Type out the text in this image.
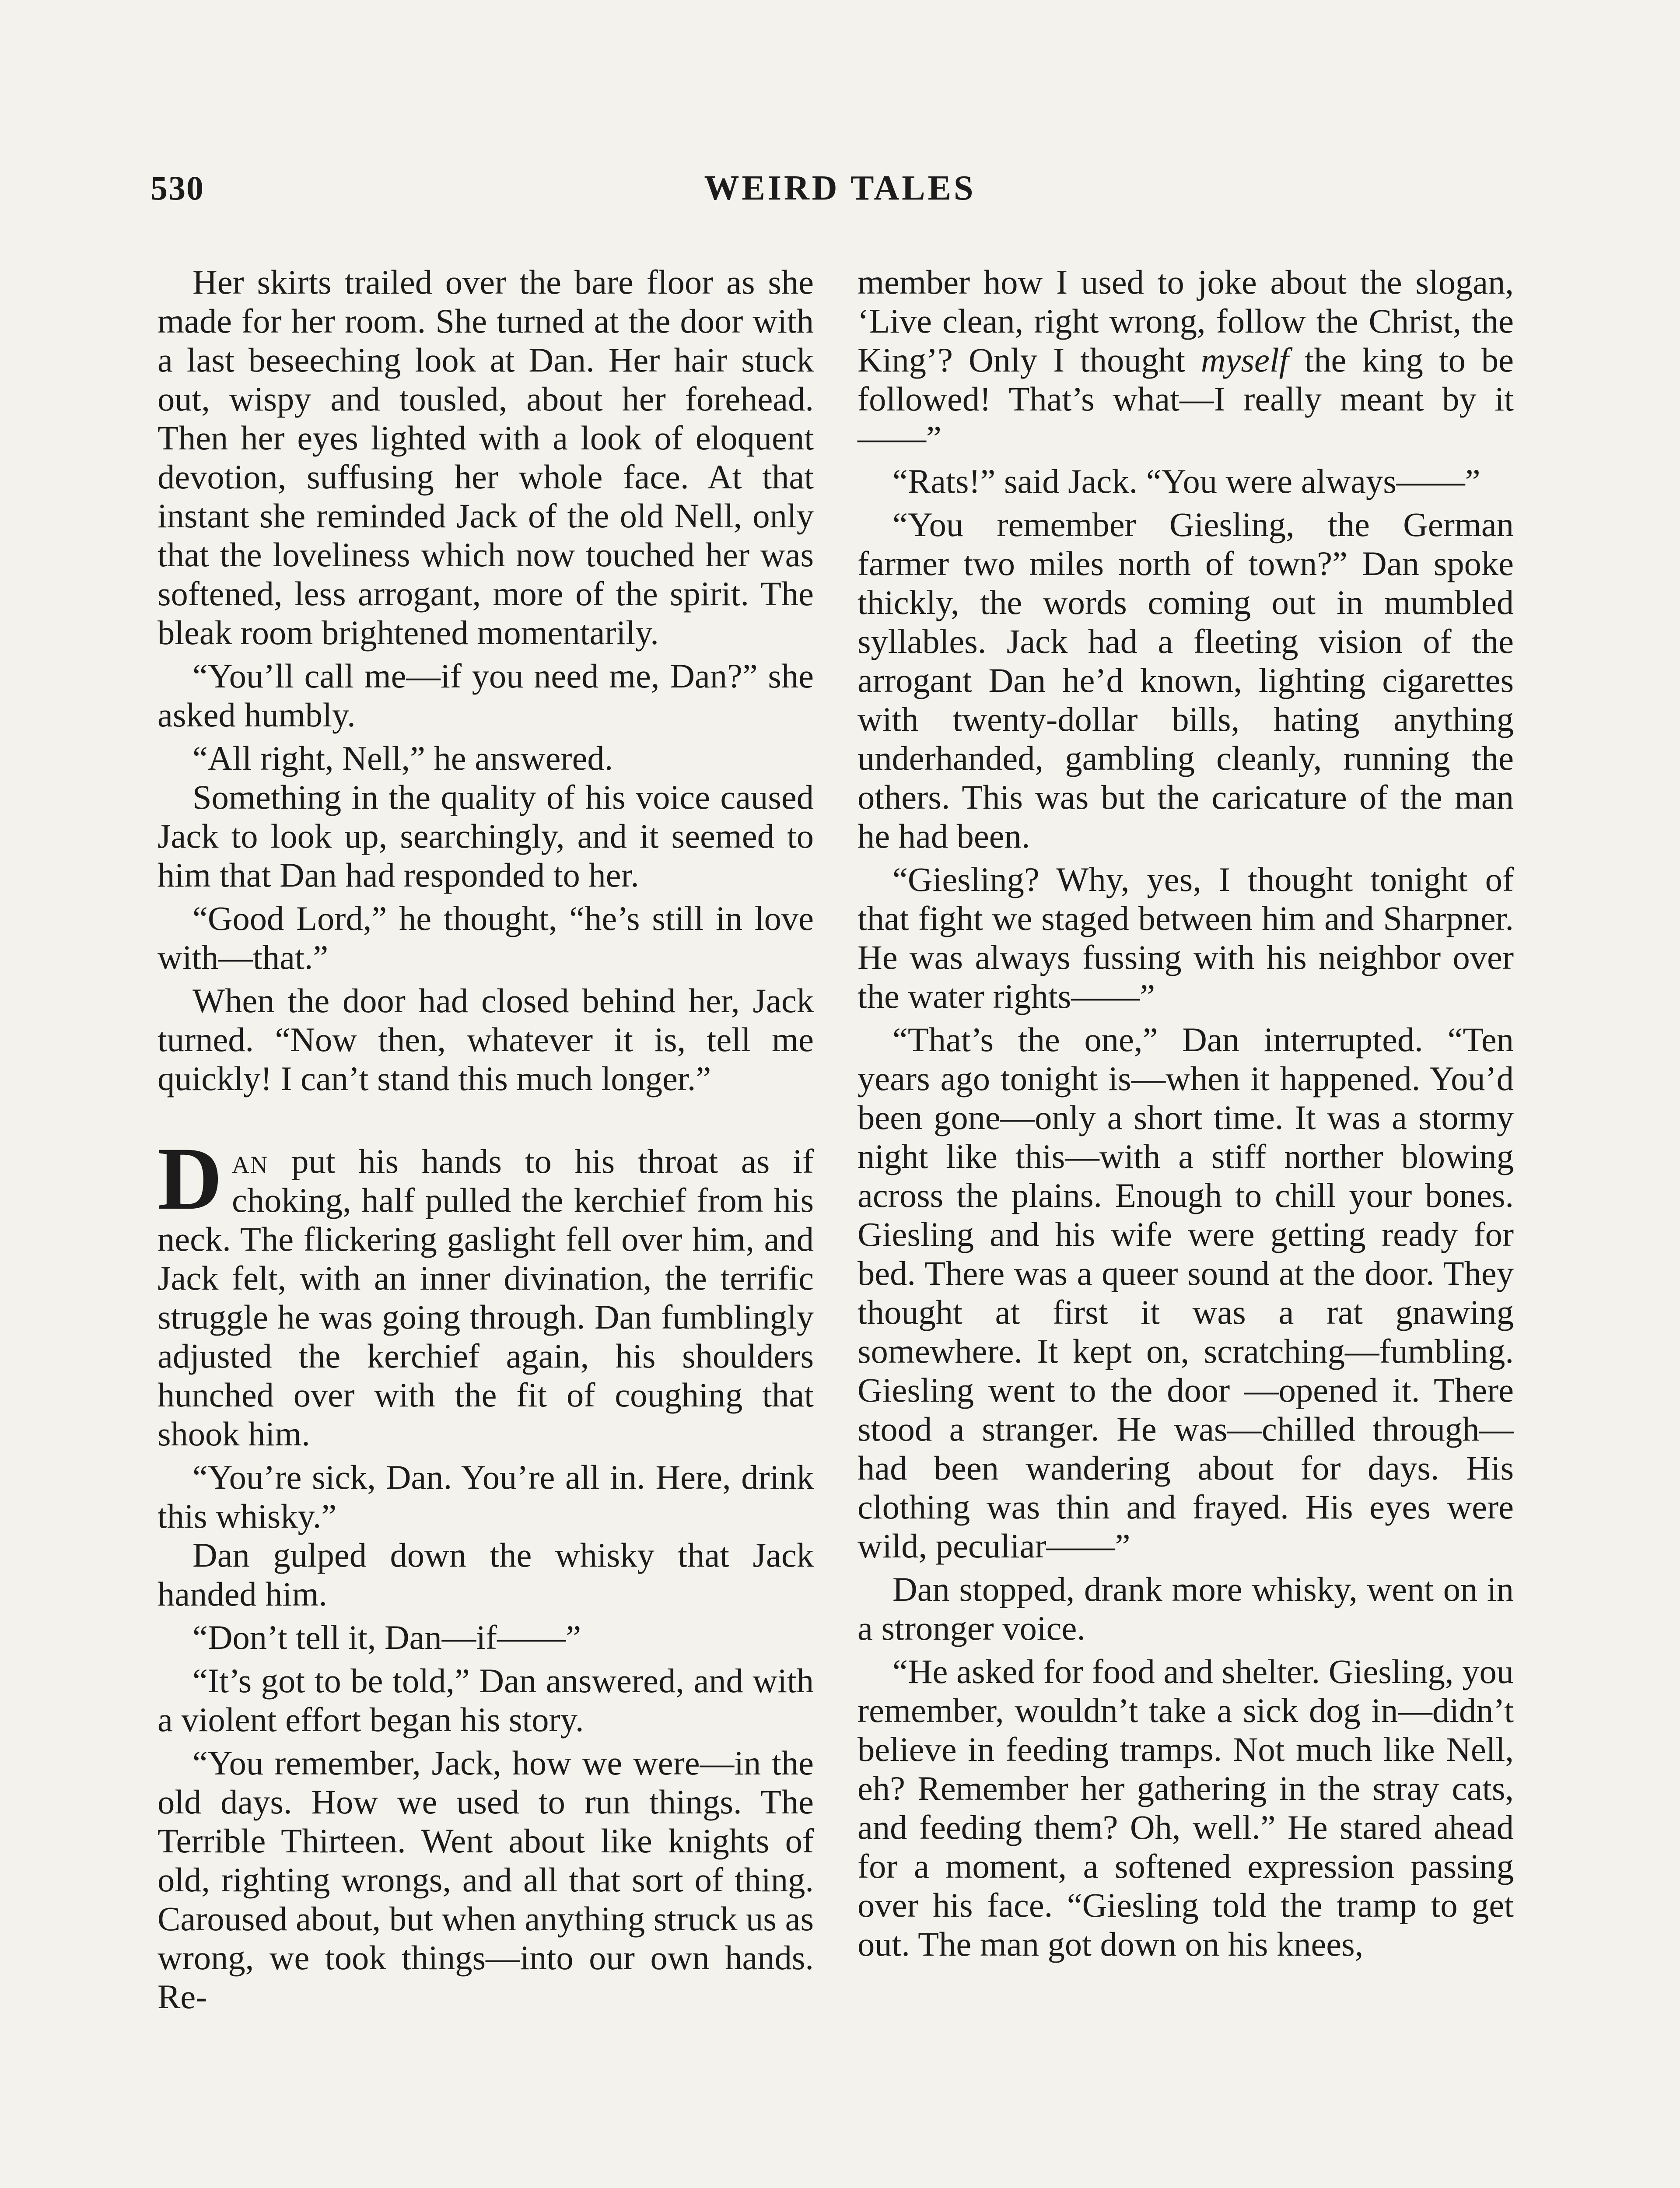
530	WEIRD TALES

Her skirts trailed over the bare floor as she made for her room. She turned at the door with a last beseeching look at Dan. Her hair stuck out, wispy and tousled, about her forehead. Then her eyes lighted with a look of eloquent devotion, suffusing her whole face. At that instant she reminded Jack of the old Nell, only that the loveliness which now touched her was softened, less arrogant, more of the spirit. The bleak room brightened momentarily.

“You’ll call me—if you need me, Dan?” she asked humbly.

“All right, Nell,” he answered.

Something in the quality of his voice caused Jack to look up, searchingly, and it seemed to him that Dan had responded to her.

“Good Lord,” he thought, “he’s still in love with—that.”

When the door had closed behind her, Jack turned. “Now then, whatever it is, tell me quickly! I can’t stand this much longer.”

Dan put his hands to his throat as if choking, half pulled the kerchief from his neck. The flickering gaslight fell over him, and Jack felt, with an inner divination, the terrific struggle he was going through. Dan fumblingly adjusted the kerchief again, his shoulders hunched over with the fit of coughing that shook him.

“You’re sick, Dan. You’re all in. Here, drink this whisky.”

Dan gulped down the whisky that Jack handed him.

“Don’t tell it, Dan—if——”

“It’s got to be told,” Dan answered, and with a violent effort began his story.

“You remember, Jack, how we were—in the old days. How we used to run things. The Terrible Thirteen. Went about like knights of old, righting wrongs, and all that sort of thing. Caroused about, but when anything struck us as wrong, we took things—into our own hands. Re-

member how I used to joke about the slogan, ‘Live clean, right wrong, follow the Christ, the King’? Only I thought myself the king to be followed! That’s what—I really meant by it——”

“Rats!” said Jack. “You were always——”

“You remember Giesling, the German farmer two miles north of town?” Dan spoke thickly, the words coming out in mumbled syllables. Jack had a fleeting vision of the arrogant Dan he’d known, lighting cigarettes with twenty-dollar bills, hating anything underhanded, gambling cleanly, running the others. This was but the caricature of the man he had been.

“Giesling? Why, yes, I thought tonight of that fight we staged between him and Sharpner. He was always fussing with his neighbor over the water rights——”

“That’s the one,” Dan interrupted. “Ten years ago tonight is—when it happened. You’d been gone—only a short time. It was a stormy night like this—with a stiff norther blowing across the plains. Enough to chill your bones. Giesling and his wife were getting ready for bed. There was a queer sound at the door. They thought at first it was a rat gnawing somewhere. It kept on, scratching—fumbling. Giesling went to the door —opened it. There stood a stranger. He was—chilled through—had been wandering about for days. His clothing was thin and frayed. His eyes were wild, peculiar——”

Dan stopped, drank more whisky, went on in a stronger voice.

“He asked for food and shelter. Giesling, you remember, wouldn’t take a sick dog in—didn’t believe in feeding tramps. Not much like Nell, eh? Remember her gathering in the stray cats, and feeding them? Oh, well.” He stared ahead for a moment, a softened expression passing over his face. “Giesling told the tramp to get out. The man got down on his knees,
